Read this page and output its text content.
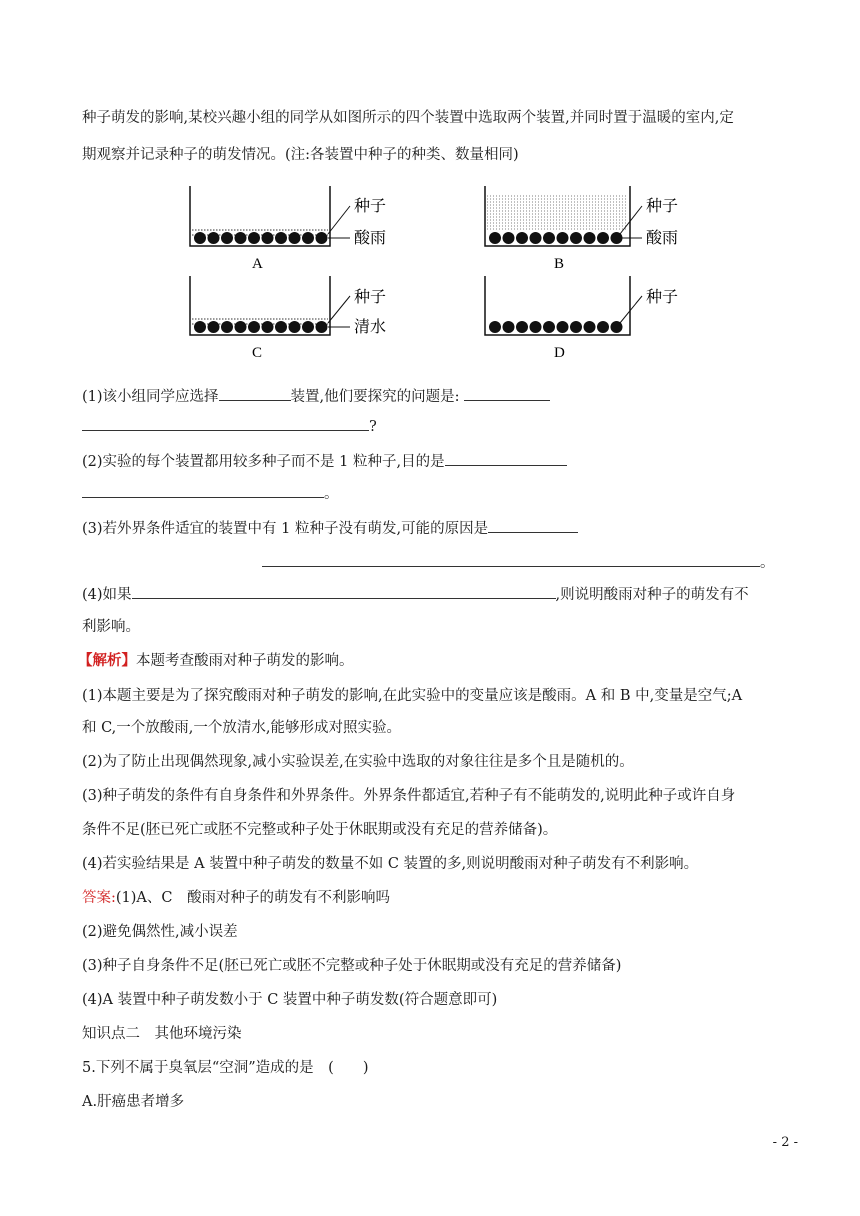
种子萌发的影响,某校兴趣小组的同学从如图所示的四个装置中选取两个装置,并同时置于温暖的室内,定
期观察并记录种子的萌发情况。(注:各装置中种子的种类、数量相同)
种子
酸雨
A
种子
酸雨
B
种子
清水
C
种子
D
(1)该小组同学应选择	装置,他们要探究的问题是:
?
(2)实验的每个装置都用较多种子而不是 1 粒种子,目的是
。
(3)若外界条件适宜的装置中有 1 粒种子没有萌发,可能的原因是
。
(4)如果	,则说明酸雨对种子的萌发有不
利影响。
【解析】本题考查酸雨对种子萌发的影响。
(1)本题主要是为了探究酸雨对种子萌发的影响,在此实验中的变量应该是酸雨。A 和 B 中,变量是空气;A
和 C,一个放酸雨,一个放清水,能够形成对照实验。
(2)为了防止出现偶然现象,减小实验误差,在实验中选取的对象往往是多个且是随机的。
(3)种子萌发的条件有自身条件和外界条件。外界条件都适宜,若种子有不能萌发的,说明此种子或许自身
条件不足(胚已死亡或胚不完整或种子处于休眠期或没有充足的营养储备)。
(4)若实验结果是 A 装置中种子萌发的数量不如 C 装置的多,则说明酸雨对种子萌发有不利影响。
答案:(1)A、C　酸雨对种子的萌发有不利影响吗
(2)避免偶然性,减小误差
(3)种子自身条件不足(胚已死亡或胚不完整或种子处于休眠期或没有充足的营养储备)
(4)A 装置中种子萌发数小于 C 装置中种子萌发数(符合题意即可)
知识点二　其他环境污染
5.下列不属于臭氧层“空洞”造成的是　(　　)
A.肝癌患者增多
- 2 -
